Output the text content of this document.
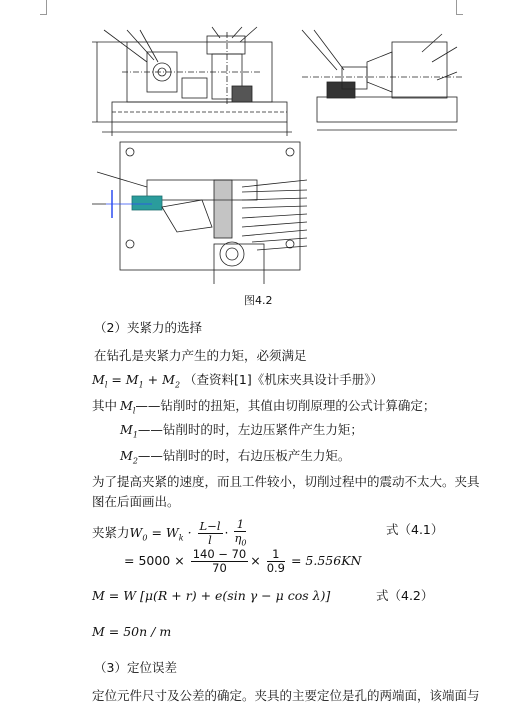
图4.2
（2）夹紧力的选择
在钻孔是夹紧力产生的力矩，必须满足
$M_l = M_1 + M_2$ （查资料[1]《机床夹具设计手册》）
其中 $M_l——$钻削时的扭矩，其值由切削原理的公式计算确定；
$M_1——$钻削时的时，左边压紧件产生力矩；
$M_2——$钻削时的时，右边压板产生力矩。
为了提高夹紧的速度，而且工件较小，切削过程中的震动不太大。夹具
图在后面画出。
夹紧力$W_0 = W_k \cdot \frac{L-l}{l} \cdot \frac{1}{\eta_0}$	式（4.1）
= $5000 \times \frac{140 - 70}{70} \times \frac{1}{0.9} = 5.556KN$
M = W [μ(R + r) + e(sin γ − μ cos λ)]	式（4.2）
M = 50n / m
（3）定位误差
定位元件尺寸及公差的确定。夹具的主要定位是孔的两端面，该端面与
